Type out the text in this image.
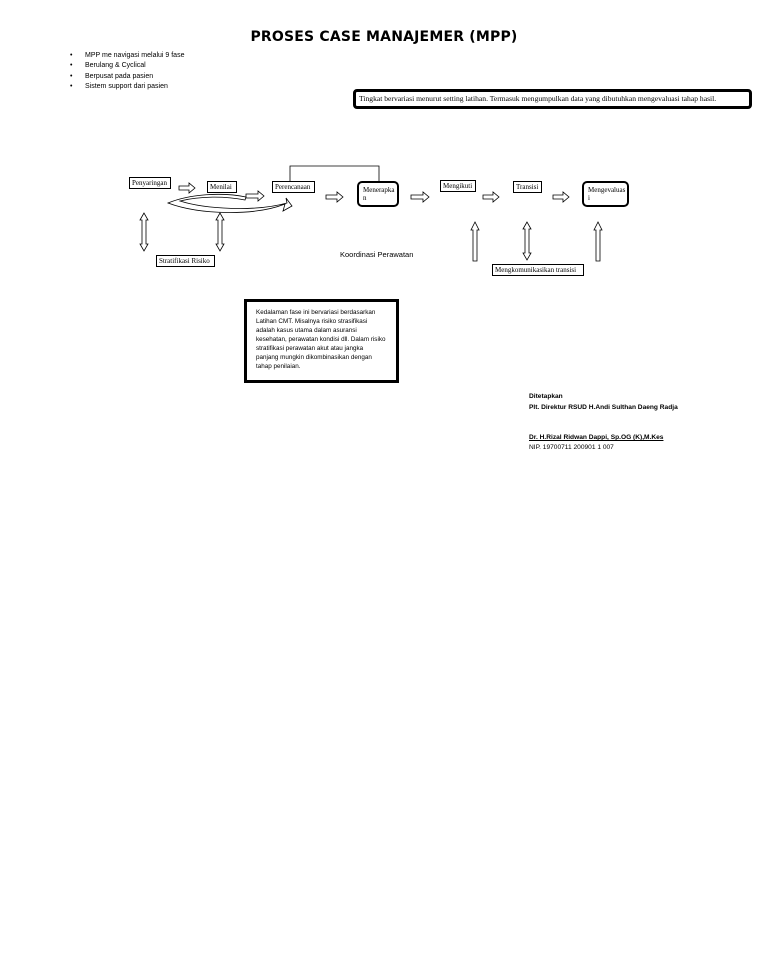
PROSES CASE MANAJEMER (MPP)
• MPP me navigasi melalui 9 fase
• Berulang & Cyclical
• Berpusat pada pasien
• Sistem support dari pasien
Tingkat bervariasi menurut setting latihan. Termasuk mengumpulkan data yang dibutuhkan mengevaluasi tahap hasil.
Penyaringan	Menilai	Perencanaan	Menerapka n
Mengikuti	Transisi	Mengevaluas i
Stratifikasi Risiko
Mengkomunikasikan transisi
Koordinasi Perawatan
Kedalaman fase ini bervariasi berdasarkan Latihan CMT. Misalnya risiko strasifikasi adalah kasus utama dalam asuransi kesehatan, perawatan kondisi dll. Dalam risiko stratifikasi perawatan akut atau jangka panjang mungkin dikombinasikan dengan tahap penilaian.
Ditetapkan
Plt. Direktur RSUD H.Andi Sulthan Daeng Radja
Dr. H.Rizal Ridwan Dappi, Sp.OG (K),M.Kes
NIP. 19700711 200901 1 007
